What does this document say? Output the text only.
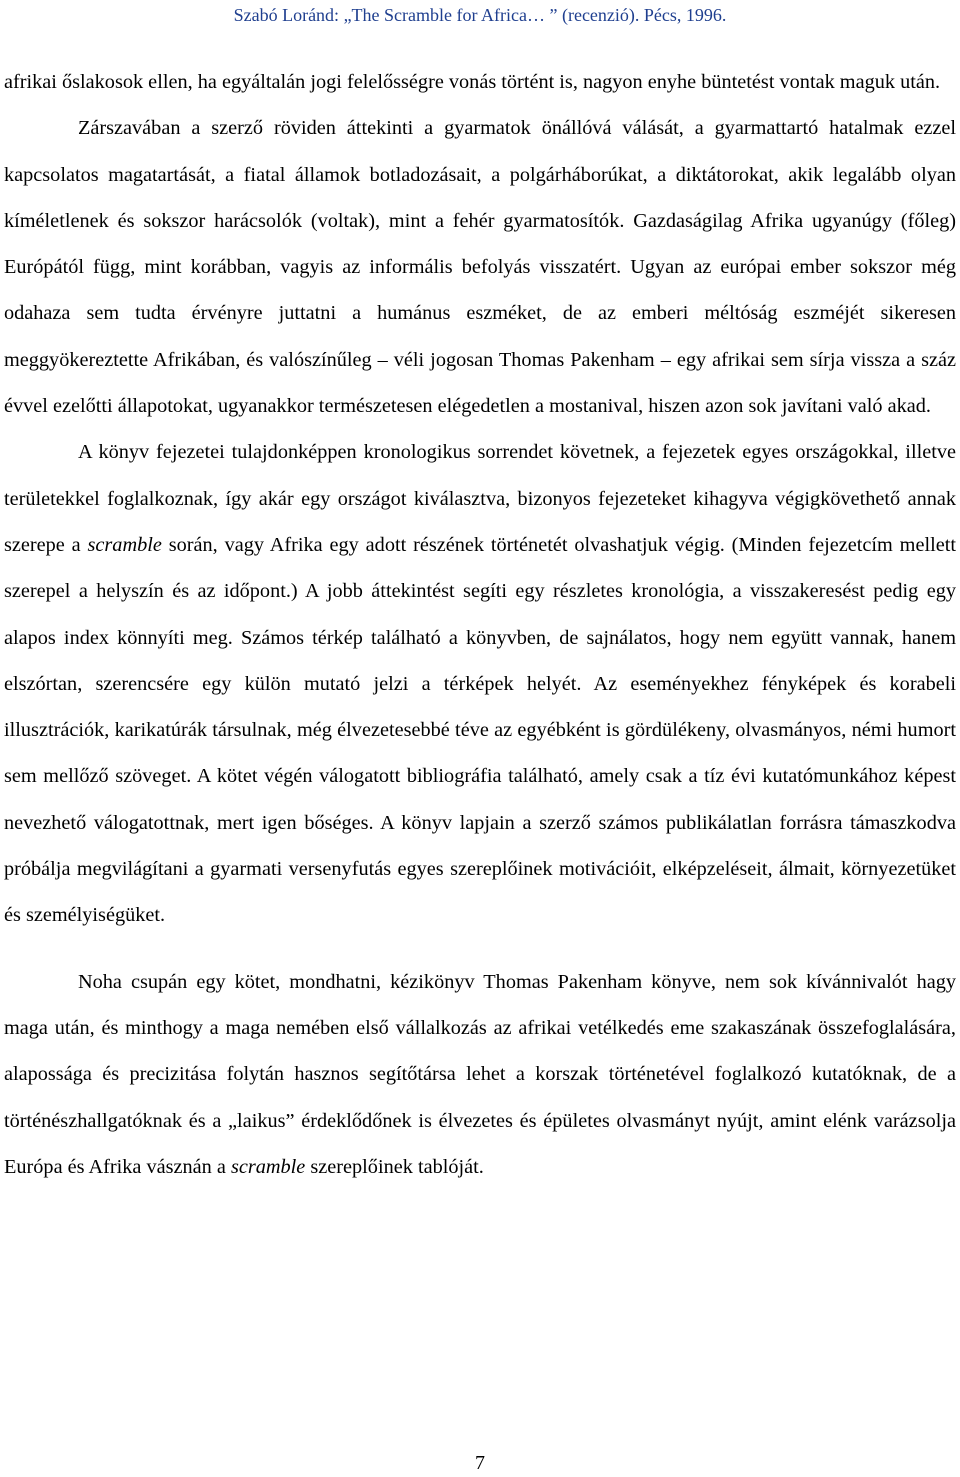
Szabó Loránd: „The Scramble for Africa… ” (recenzió). Pécs, 1996.

afrikai őslakosok ellen, ha egyáltalán jogi felelősségre vonás történt is, nagyon enyhe büntetést vontak maguk után.

Zárszavában a szerző röviden áttekinti a gyarmatok önállóvá válását, a gyarmattartó hatalmak ezzel kapcsolatos magatartását, a fiatal államok botladozásait, a polgárháborúkat, a diktátorokat, akik legalább olyan kíméletlenek és sokszor harácsolók (voltak), mint a fehér gyarmatosítók. Gazdaságilag Afrika ugyanúgy (főleg) Európától függ, mint korábban, vagyis az informális befolyás visszatért. Ugyan az európai ember sokszor még odahaza sem tudta érvényre juttatni a humánus eszméket, de az emberi méltóság eszméjét sikeresen meggyökereztette Afrikában, és valószínűleg – véli jogosan Thomas Pakenham – egy afrikai sem sírja vissza a száz évvel ezelőtti állapotokat, ugyanakkor természetesen elégedetlen a mostanival, hiszen azon sok javítani való akad.

A könyv fejezetei tulajdonképpen kronologikus sorrendet követnek, a fejezetek egyes országokkal, illetve területekkel foglalkoznak, így akár egy országot kiválasztva, bizonyos fejezeteket kihagyva végigkövethető annak szerepe a scramble során, vagy Afrika egy adott részének történetét olvashatjuk végig. (Minden fejezetcím mellett szerepel a helyszín és az időpont.) A jobb áttekintést segíti egy részletes kronológia, a visszakeresést pedig egy alapos index könnyíti meg. Számos térkép található a könyvben, de sajnálatos, hogy nem együtt vannak, hanem elszórtan, szerencsére egy külön mutató jelzi a térképek helyét. Az eseményekhez fényképek és korabeli illusztrációk, karikatúrák társulnak, még élvezetesebbé téve az egyébként is gördülékeny, olvasmányos, némi humort sem mellőző szöveget. A kötet végén válogatott bibliográfia található, amely csak a tíz évi kutatómunkához képest nevezhető válogatottnak, mert igen bőséges. A könyv lapjain a szerző számos publikálatlan forrásra támaszkodva próbálja megvilágítani a gyarmati versenyfutás egyes szereplőinek motivációit, elképzeléseit, álmait, környezetüket és személyiségüket.

Noha csupán egy kötet, mondhatni, kézikönyv Thomas Pakenham könyve, nem sok kívánnivalót hagy maga után, és minthogy a maga nemében első vállalkozás az afrikai vetélkedés eme szakaszának összefoglalására, alapossága és precizitása folytán hasznos segítőtársa lehet a korszak történetével foglalkozó kutatóknak, de a történészhallgatóknak és a „laikus” érdeklődőnek is élvezetes és épületes olvasmányt nyújt, amint elénk varázsolja Európa és Afrika vásznán a scramble szereplőinek tablóját.

7
